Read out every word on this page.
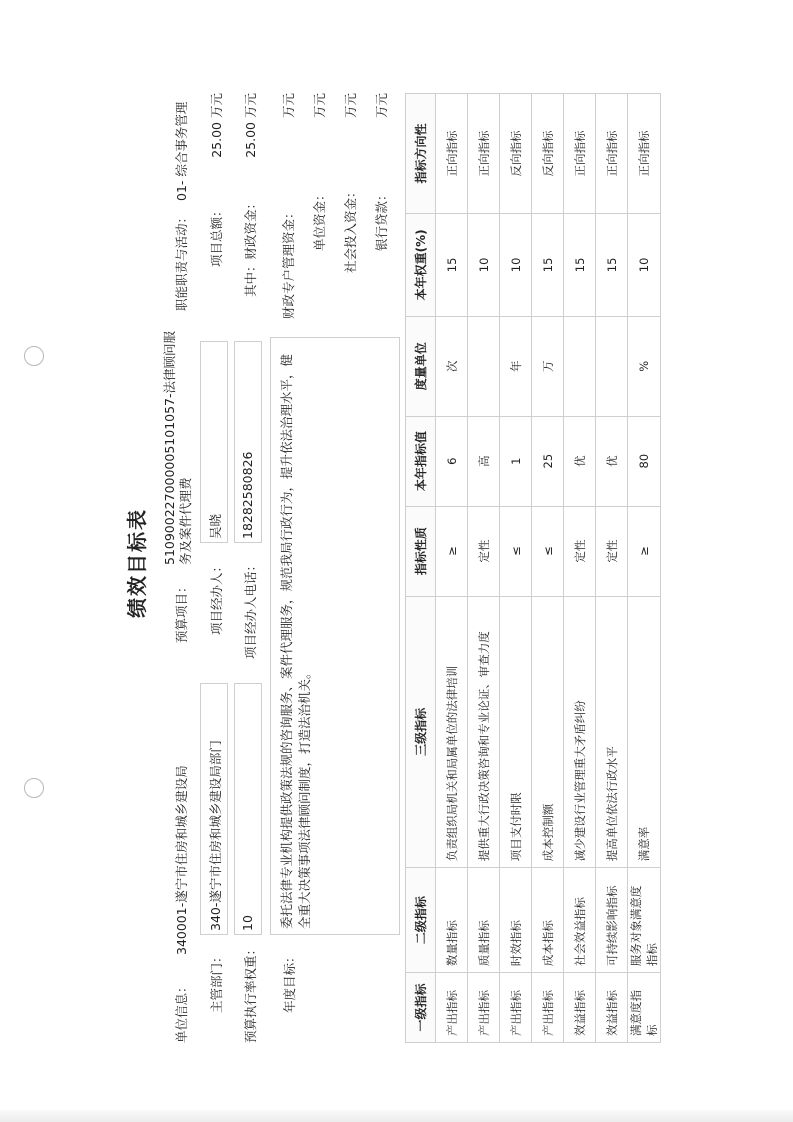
绩效目标表
单位信息：
340001-遂宁市住房和城乡建设局
预算项目：
510900227000005101057-法律顾问服务及案件代理费
职能职责与活动：
01- 综合事务管理
主管部门：
340-遂宁市住房和城乡建设局部门
项目经办人：
吴晓
项目总额：
25.00 万元
预算执行率权重：
10
项目经办人电话：
18282580826
其中：财政资金：
25.00 万元
年度目标：
委托法律专业机构提供政策法规的咨询服务、案件代理服务，规范我局行政行为，提升依法治理水平，健全重大决策事项法律顾问制度，打造法治机关。
财政专户管理资金：
万元
单位资金：
万元
社会投入资金：
万元
银行贷款：
万元
一级指标	二级指标	三级指标	指标性质	本年指标值	度量单位	本年权重(%)	指标方向性
产出指标	数量指标	负责组织局机关和局属单位的法律培训	≥	6	次	15	正向指标
产出指标	质量指标	提供重大行政决策咨询和专业论证、审查力度	定性	高		10	正向指标
产出指标	时效指标	项目支付时限	≤	1	年	10	反向指标
产出指标	成本指标	成本控制额	≤	25	万	15	反向指标
效益指标	社会效益指标	减少建设行业管理重大矛盾纠纷	定性	优		15	正向指标
效益指标	可持续影响指标	提高单位依法行政水平	定性	优		15	正向指标
满意度指标	服务对象满意度指标	满意率	≥	80	%	10	正向指标
